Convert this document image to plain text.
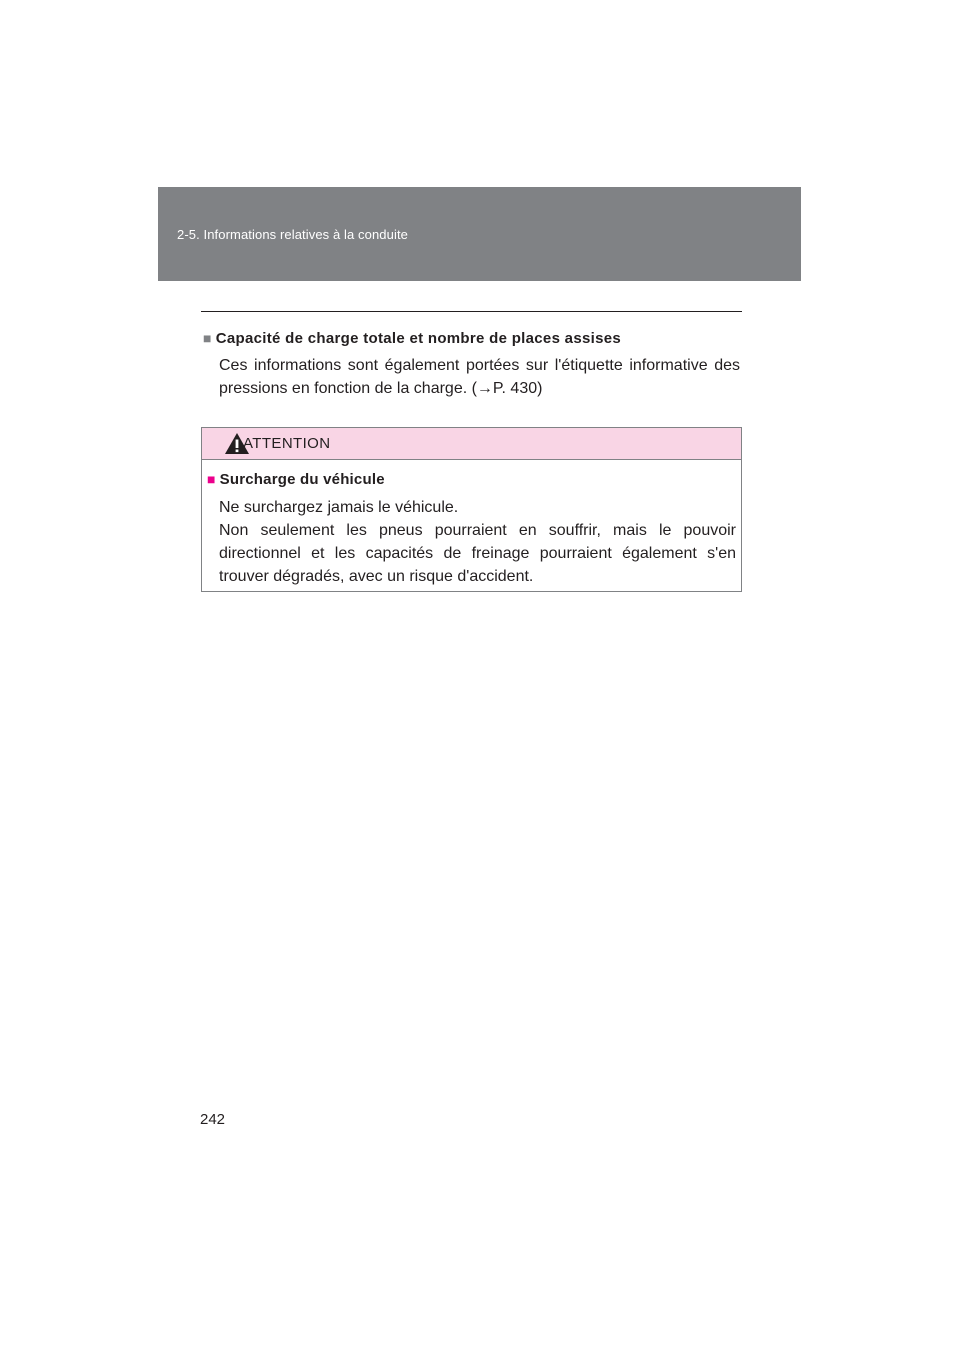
2-5. Informations relatives à la conduite
■ Capacité de charge totale et nombre de places assises
Ces informations sont également portées sur l'étiquette informative des pressions en fonction de la charge. (→P. 430)
ATTENTION
■ Surcharge du véhicule
Ne surchargez jamais le véhicule.
Non seulement les pneus pourraient en souffrir, mais le pouvoir directionnel et les capacités de freinage pourraient également s'en trouver dégradés, avec un risque d'accident.
242
